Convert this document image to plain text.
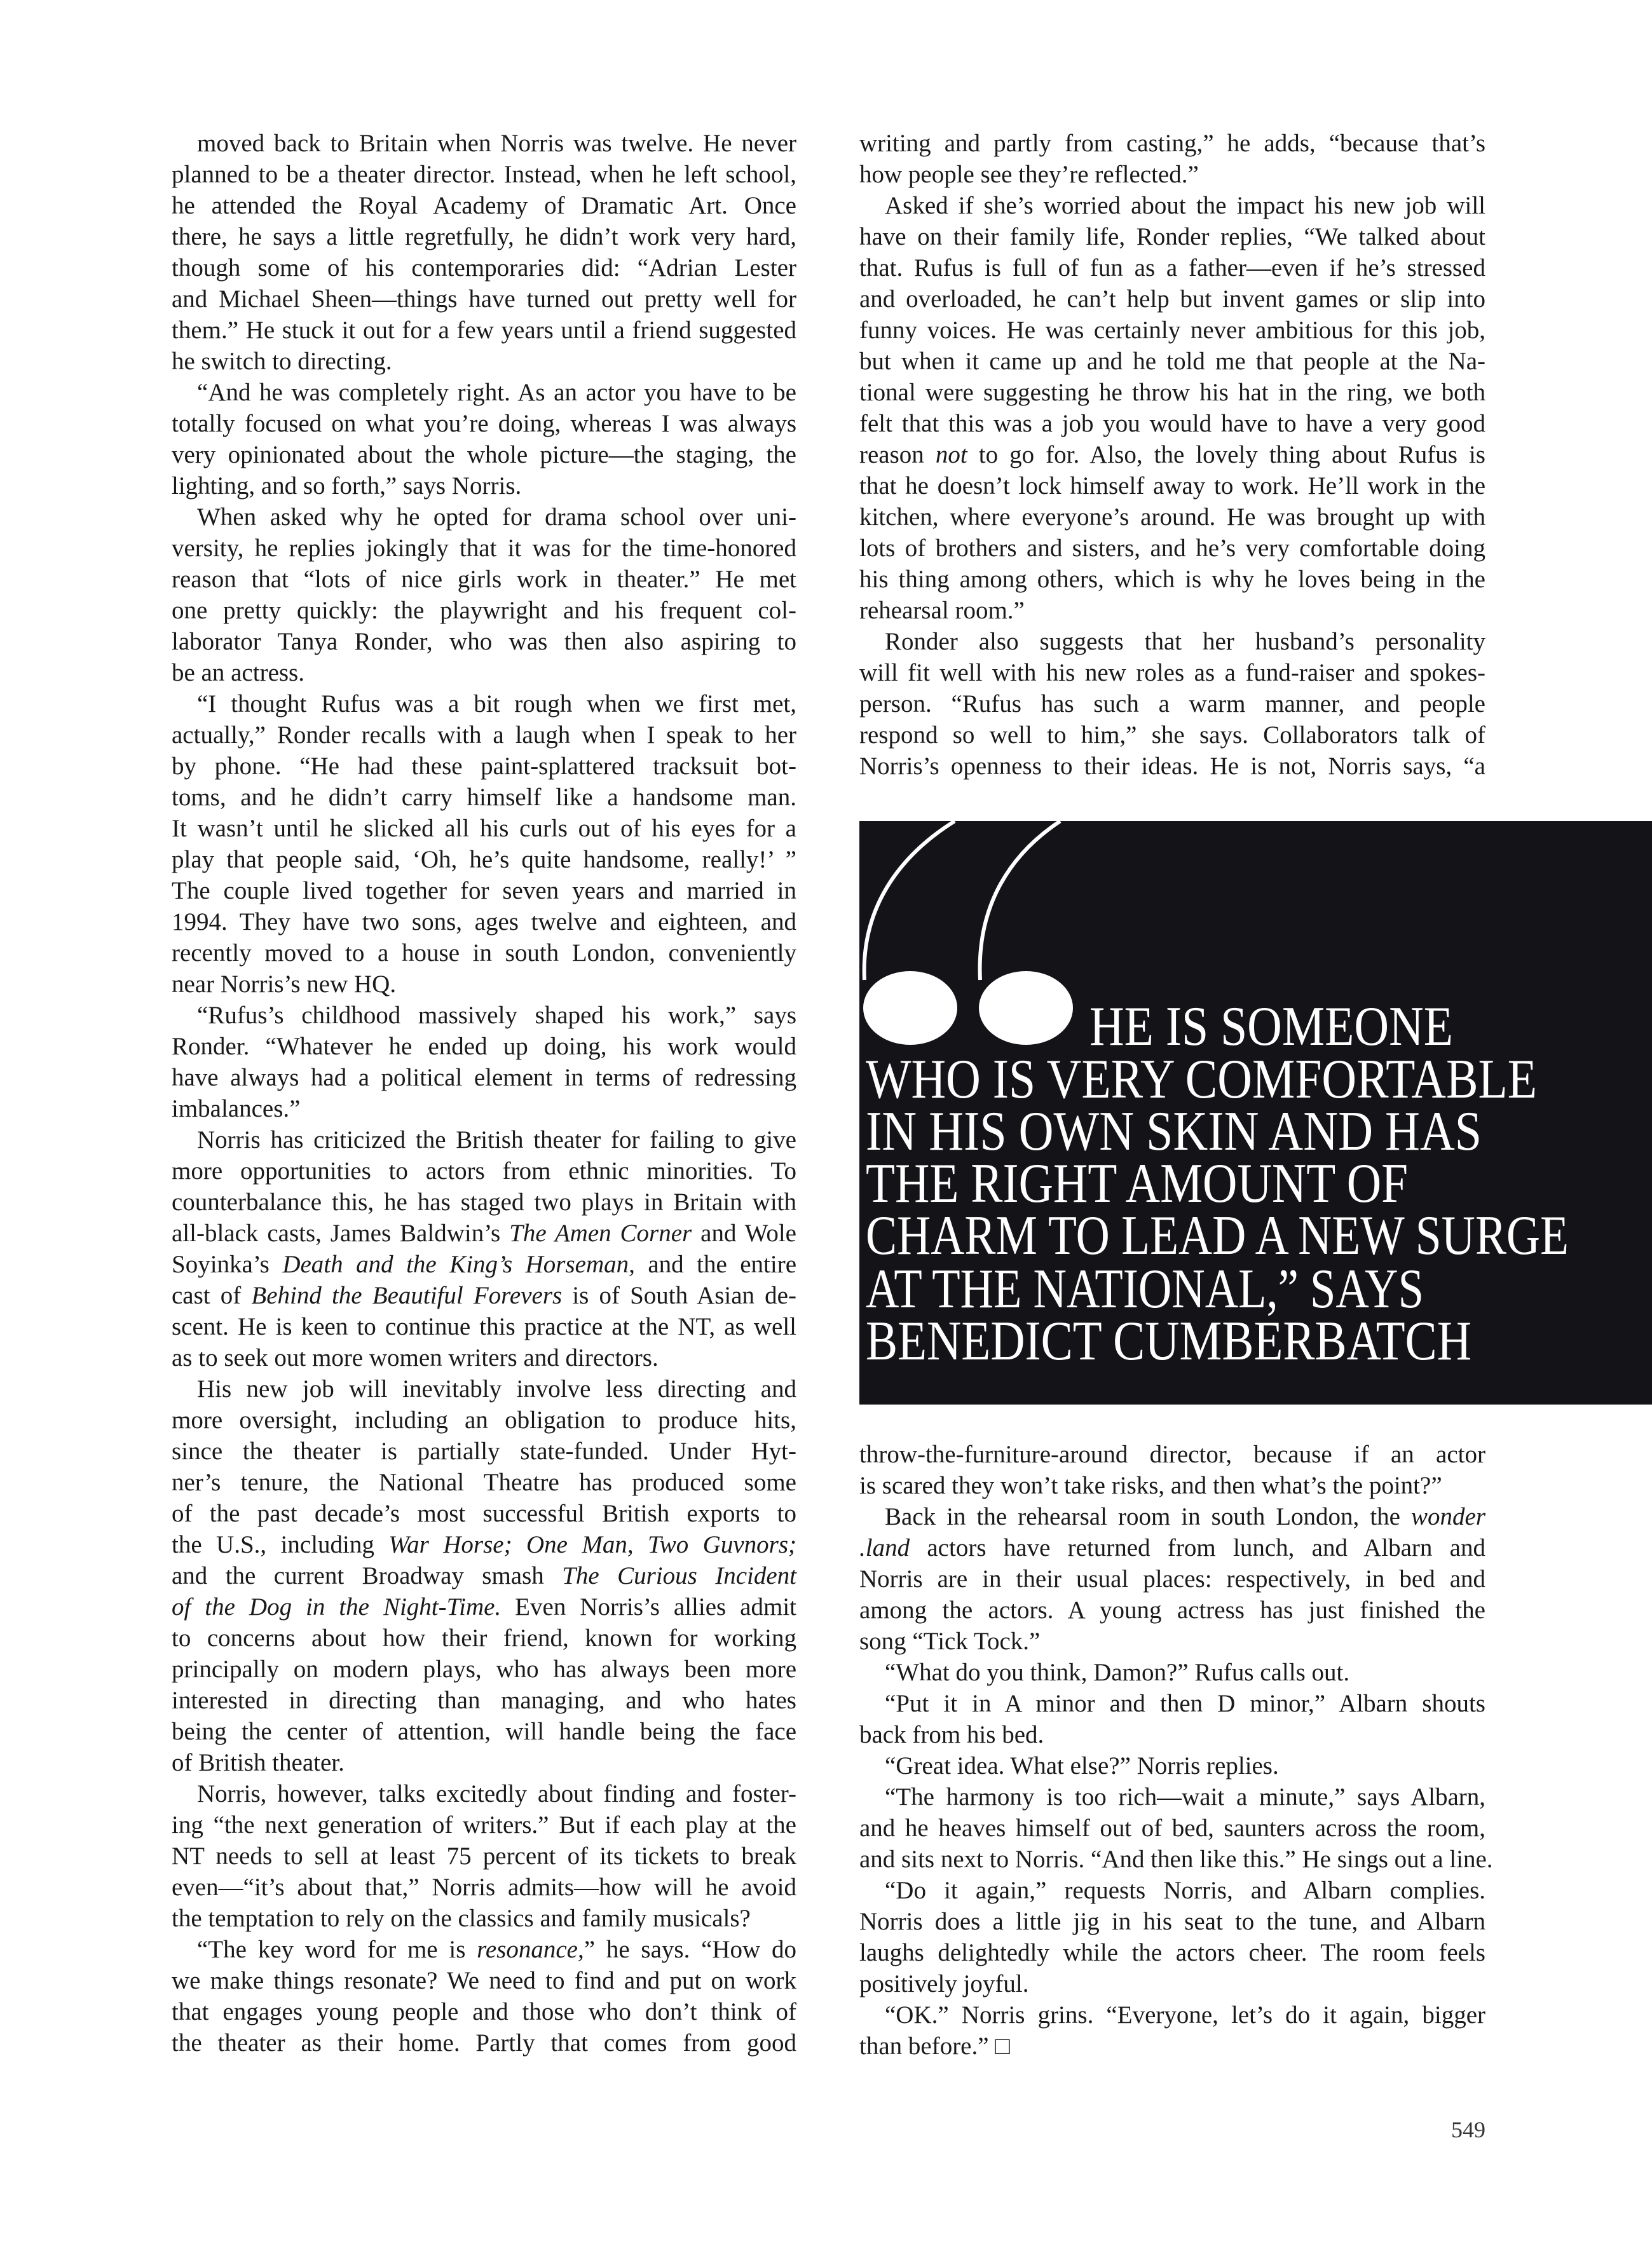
moved back to Britain when Norris was twelve. He never
planned to be a theater director. Instead, when he left school,
he attended the Royal Academy of Dramatic Art. Once
there, he says a little regretfully, he didn’t work very hard,
though some of his contemporaries did: “Adrian Lester
and Michael Sheen—things have turned out pretty well for
them.” He stuck it out for a few years until a friend suggested
he switch to directing.
“And he was completely right. As an actor you have to be
totally focused on what you’re doing, whereas I was always
very opinionated about the whole picture—the staging, the
lighting, and so forth,” says Norris.
When asked why he opted for drama school over uni-
versity, he replies jokingly that it was for the time-honored
reason that “lots of nice girls work in theater.” He met
one pretty quickly: the playwright and his frequent col-
laborator Tanya Ronder, who was then also aspiring to
be an actress.
“I thought Rufus was a bit rough when we first met,
actually,” Ronder recalls with a laugh when I speak to her
by phone. “He had these paint-splattered tracksuit bot-
toms, and he didn’t carry himself like a handsome man.
It wasn’t until he slicked all his curls out of his eyes for a
play that people said, ‘Oh, he’s quite handsome, really!’ ”
The couple lived together for seven years and married in
1994. They have two sons, ages twelve and eighteen, and
recently moved to a house in south London, conveniently
near Norris’s new HQ.
“Rufus’s childhood massively shaped his work,” says
Ronder. “Whatever he ended up doing, his work would
have always had a political element in terms of redressing
imbalances.”
Norris has criticized the British theater for failing to give
more opportunities to actors from ethnic minorities. To
counterbalance this, he has staged two plays in Britain with
all-black casts, James Baldwin’s The Amen Corner and Wole
Soyinka’s Death and the King’s Horseman, and the entire
cast of Behind the Beautiful Forevers is of South Asian de-
scent. He is keen to continue this practice at the NT, as well
as to seek out more women writers and directors.
His new job will inevitably involve less directing and
more oversight, including an obligation to produce hits,
since the theater is partially state-funded. Under Hyt-
ner’s tenure, the National Theatre has produced some
of the past decade’s most successful British exports to
the U.S., including War Horse; One Man, Two Guvnors;
and the current Broadway smash The Curious Incident
of the Dog in the Night-Time. Even Norris’s allies admit
to concerns about how their friend, known for working
principally on modern plays, who has always been more
interested in directing than managing, and who hates
being the center of attention, will handle being the face
of British theater.
Norris, however, talks excitedly about finding and foster-
ing “the next generation of writers.” But if each play at the
NT needs to sell at least 75 percent of its tickets to break
even—“it’s about that,” Norris admits—how will he avoid
the temptation to rely on the classics and family musicals?
“The key word for me is resonance,” he says. “How do
we make things resonate? We need to find and put on work
that engages young people and those who don’t think of
the theater as their home. Partly that comes from good
writing and partly from casting,” he adds, “because that’s
how people see they’re reflected.”
Asked if she’s worried about the impact his new job will
have on their family life, Ronder replies, “We talked about
that. Rufus is full of fun as a father—even if he’s stressed
and overloaded, he can’t help but invent games or slip into
funny voices. He was certainly never ambitious for this job,
but when it came up and he told me that people at the Na-
tional were suggesting he throw his hat in the ring, we both
felt that this was a job you would have to have a very good
reason not to go for. Also, the lovely thing about Rufus is
that he doesn’t lock himself away to work. He’ll work in the
kitchen, where everyone’s around. He was brought up with
lots of brothers and sisters, and he’s very comfortable doing
his thing among others, which is why he loves being in the
rehearsal room.”
Ronder also suggests that her husband’s personality
will fit well with his new roles as a fund-raiser and spokes-
person. “Rufus has such a warm manner, and people
respond so well to him,” she says. Collaborators talk of
Norris’s openness to their ideas. He is not, Norris says, “a
HE IS SOMEONE
WHO IS VERY COMFORTABLE
IN HIS OWN SKIN AND HAS
THE RIGHT AMOUNT OF
CHARM TO LEAD A NEW SURGE
AT THE NATIONAL,” SAYS
BENEDICT CUMBERBATCH
throw-the-furniture-around director, because if an actor
is scared they won’t take risks, and then what’s the point?”
Back in the rehearsal room in south London, the wonder
.land actors have returned from lunch, and Albarn and
Norris are in their usual places: respectively, in bed and
among the actors. A young actress has just finished the
song “Tick Tock.”
“What do you think, Damon?” Rufus calls out.
“Put it in A minor and then D minor,” Albarn shouts
back from his bed.
“Great idea. What else?” Norris replies.
“The harmony is too rich—wait a minute,” says Albarn,
and he heaves himself out of bed, saunters across the room,
and sits next to Norris. “And then like this.” He sings out a line.
“Do it again,” requests Norris, and Albarn complies.
Norris does a little jig in his seat to the tune, and Albarn
laughs delightedly while the actors cheer. The room feels
positively joyful.
“OK.” Norris grins. “Everyone, let’s do it again, bigger
than before.” □
549
